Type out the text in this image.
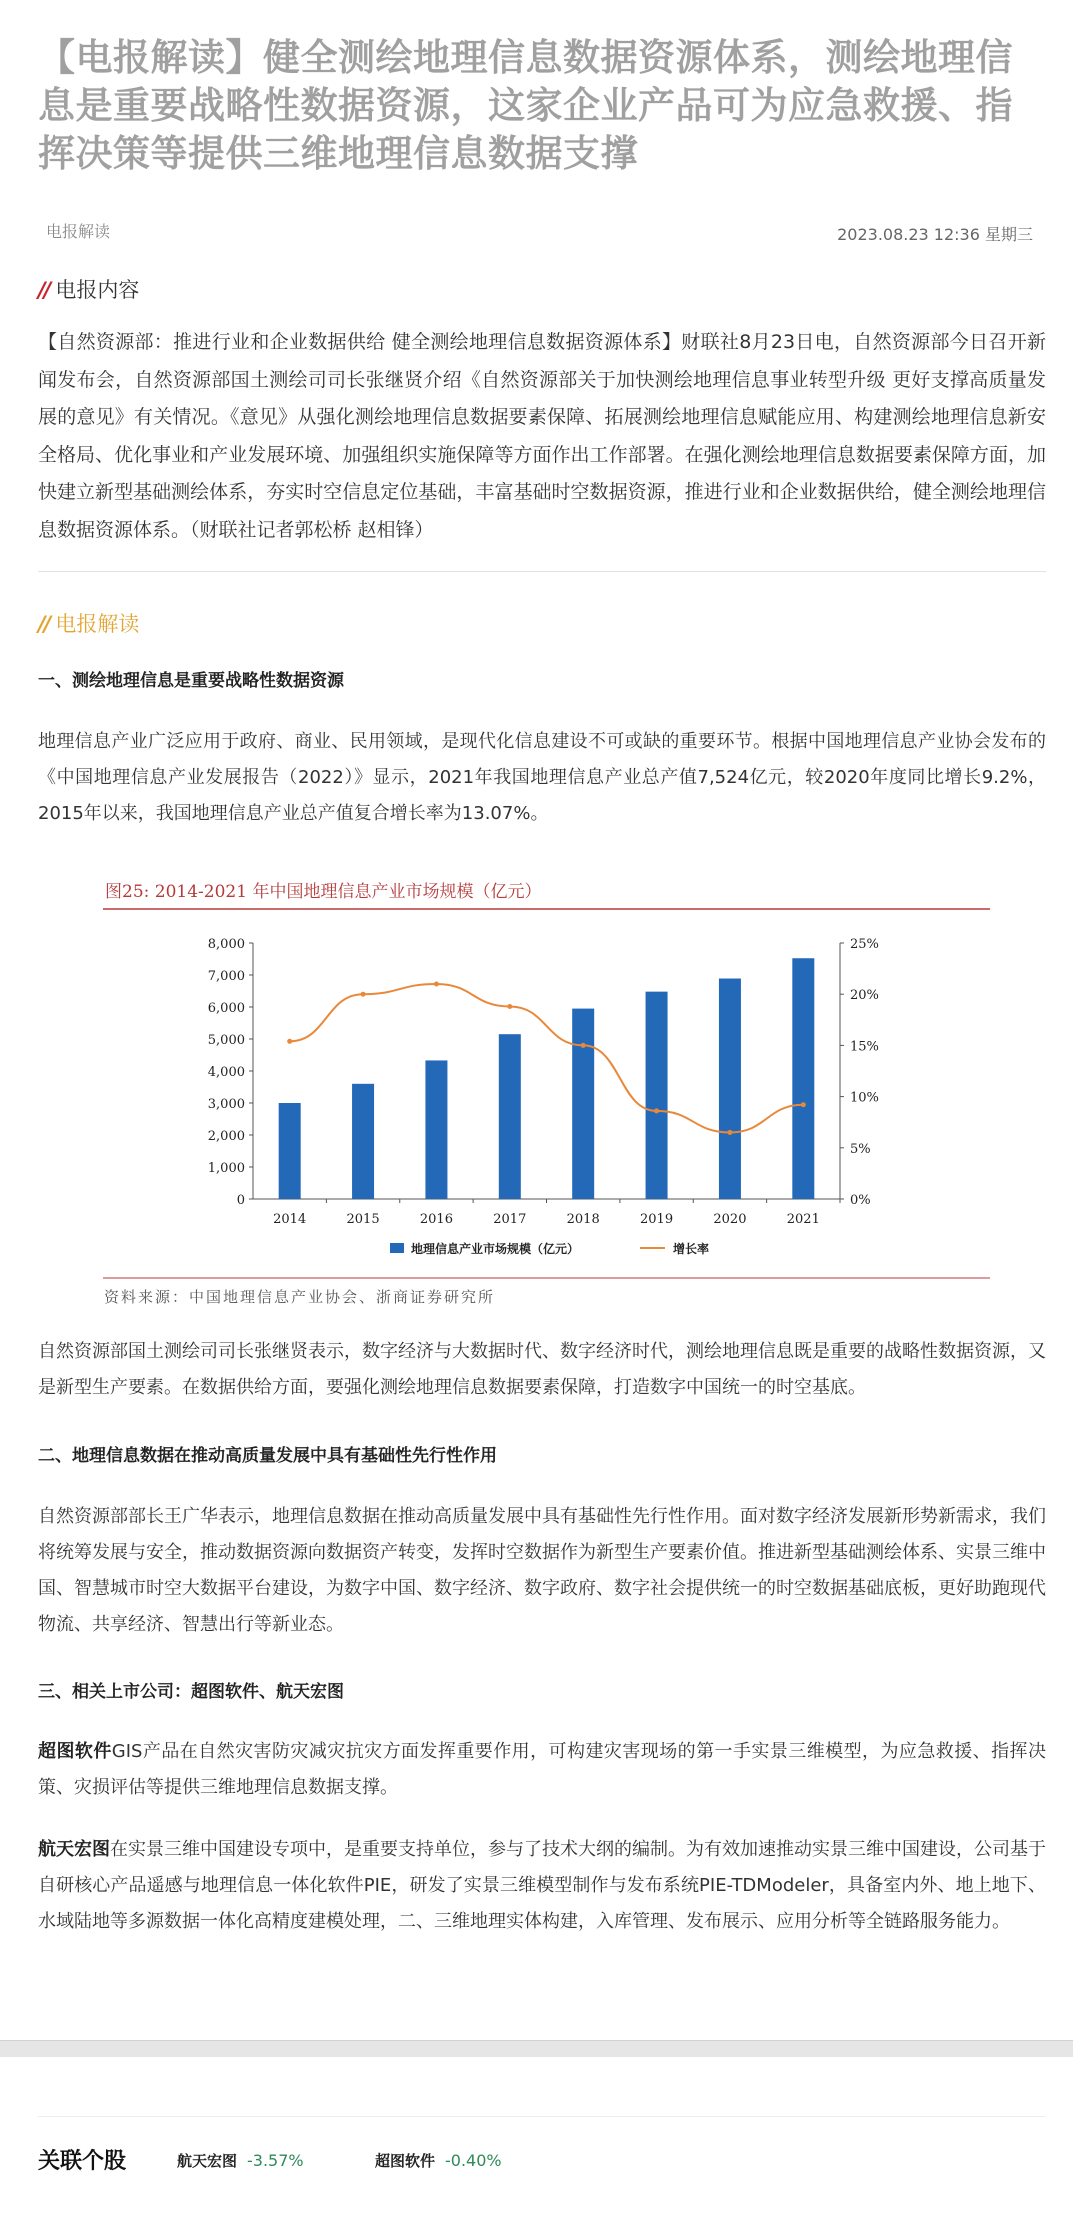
【电报解读】健全测绘地理信息数据资源体系，测绘地理信息是重要战略性数据资源，这家企业产品可为应急救援、指挥决策等提供三维地理信息数据支撑
电报解读	2023.08.23 12:36 星期三
// 电报内容
【自然资源部：推进行业和企业数据供给 健全测绘地理信息数据资源体系】财联社8月23日电，自然资源部今日召开新闻发布会，自然资源部国土测绘司司长张继贤介绍《自然资源部关于加快测绘地理信息事业转型升级 更好支撑高质量发展的意见》有关情况。《意见》从强化测绘地理信息数据要素保障、拓展测绘地理信息赋能应用、构建测绘地理信息新安全格局、优化事业和产业发展环境、加强组织实施保障等方面作出工作部署。在强化测绘地理信息数据要素保障方面，加快建立新型基础测绘体系，夯实时空信息定位基础，丰富基础时空数据资源，推进行业和企业数据供给，健全测绘地理信息数据资源体系。（财联社记者郭松桥 赵相锋）
// 电报解读
一、测绘地理信息是重要战略性数据资源
地理信息产业广泛应用于政府、商业、民用领域，是现代化信息建设不可或缺的重要环节。根据中国地理信息产业协会发布的《中国地理信息产业发展报告（2022）》显示，2021年我国地理信息产业总产值7,524亿元，较2020年度同比增长9.2%，2015年以来，我国地理信息产业总产值复合增长率为13.07%。
图25: 2014-2021 年中国地理信息产业市场规模（亿元）
0
1,000
2,000
3,000
4,000
5,000
6,000
7,000
8,000
0%
5%
10%
15%
20%
25%
2014	2015	2016	2017	2018	2019	2020	2021
地理信息产业市场规模（亿元）	增长率
资料来源：中国地理信息产业协会、浙商证券研究所
自然资源部国土测绘司司长张继贤表示，数字经济与大数据时代、数字经济时代，测绘地理信息既是重要的战略性数据资源，又是新型生产要素。在数据供给方面，要强化测绘地理信息数据要素保障，打造数字中国统一的时空基底。
二、地理信息数据在推动高质量发展中具有基础性先行性作用
自然资源部部长王广华表示，地理信息数据在推动高质量发展中具有基础性先行性作用。面对数字经济发展新形势新需求，我们将统筹发展与安全，推动数据资源向数据资产转变，发挥时空数据作为新型生产要素价值。推进新型基础测绘体系、实景三维中国、智慧城市时空大数据平台建设，为数字中国、数字经济、数字政府、数字社会提供统一的时空数据基础底板，更好助跑现代物流、共享经济、智慧出行等新业态。
三、相关上市公司：超图软件、航天宏图
超图软件GIS产品在自然灾害防灾减灾抗灾方面发挥重要作用，可构建灾害现场的第一手实景三维模型，为应急救援、指挥决策、灾损评估等提供三维地理信息数据支撑。
航天宏图在实景三维中国建设专项中，是重要支持单位，参与了技术大纲的编制。为有效加速推动实景三维中国建设，公司基于自研核心产品遥感与地理信息一体化软件PIE，研发了实景三维模型制作与发布系统PIE-TDModeler，具备室内外、地上地下、水域陆地等多源数据一体化高精度建模处理，二、三维地理实体构建，入库管理、发布展示、应用分析等全链路服务能力。
关联个股	航天宏图 -3.57%	超图软件 -0.40%
